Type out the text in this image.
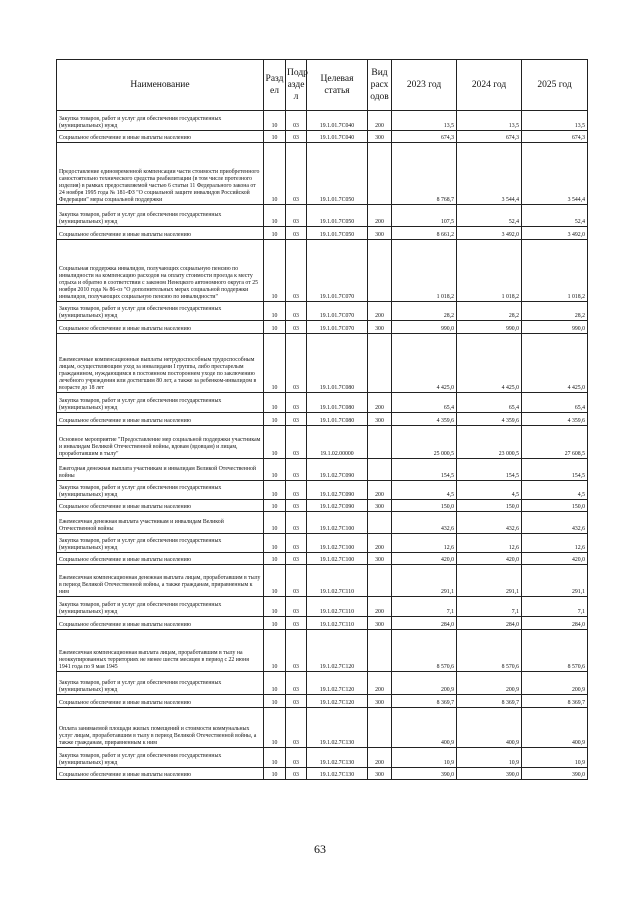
Наименование	Разд ел	Подр азде л	Целевая статья	Вид расх одов	2023 год	2024 год	2025 год
Закупка товаров, работ и услуг для обеспечения государственных (муниципальных) нужд	10	03	19.1.01.7С040	200	13,5	13,5	13,5
Социальное обеспечение и иные выплаты населению	10	03	19.1.01.7С040	300	674,3	674,3	674,3
Предоставление единовременной компенсации части стоимости приобретенного самостоятельно технического средства реабилитации (в том числе протезного изделия) в рамках предоставляемой частью 6 статьи 11 Федерального закона от 24 ноября 1995 года № 181-ФЗ "О социальной защите инвалидов Российской Федерации" меры социальной поддержки	10	03	19.1.01.7С050		8 768,7	3 544,4	3 544,4
Закупка товаров, работ и услуг для обеспечения государственных (муниципальных) нужд	10	03	19.1.01.7С050	200	107,5	52,4	52,4
Социальное обеспечение и иные выплаты населению	10	03	19.1.01.7С050	300	8 661,2	3 492,0	3 492,0
Социальная поддержка инвалидов, получающих социальную пенсию по инвалидности на компенсацию расходов на оплату стоимости проезда к месту отдыха и обратно в соответствии с законом Ненецкого автономного округа от 25 ноября 2010 года № 86-оз "О дополнительных мерах социальной поддержки инвалидов, получающих социальную пенсию по инвалидности"	10	03	19.1.01.7С070		1 018,2	1 018,2	1 018,2
Закупка товаров, работ и услуг для обеспечения государственных (муниципальных) нужд	10	03	19.1.01.7С070	200	28,2	28,2	28,2
Социальное обеспечение и иные выплаты населению	10	03	19.1.01.7С070	300	990,0	990,0	990,0
Ежемесячные компенсационные выплаты нетрудоспособным трудоспособным лицам, осуществляющим уход за инвалидами I группы, либо престарелым гражданином, нуждающимся в постоянном постороннем уходе по заключению лечебного учреждения или достигшим 80 лет, а также за ребенком-инвалидом в возрасте до 18 лет	10	03	19.1.01.7С080		4 425,0	4 425,0	4 425,0
Закупка товаров, работ и услуг для обеспечения государственных (муниципальных) нужд	10	03	19.1.01.7С080	200	65,4	65,4	65,4
Социальное обеспечение и иные выплаты населению	10	03	19.1.01.7С080	300	4 359,6	4 359,6	4 359,6
Основное мероприятие "Предоставление мер социальной поддержки участникам и инвалидам Великой Отечественной войны, вдовам (вдовцам) и лицам, проработавшим в тылу"	10	03	19.1.02.00000		25 000,5	23 000,5	27 608,5
Ежегодная денежная выплата участникам и инвалидам Великой Отечественной войны	10	03	19.1.02.7С090		154,5	154,5	154,5
Закупка товаров, работ и услуг для обеспечения государственных (муниципальных) нужд	10	03	19.1.02.7С090	200	4,5	4,5	4,5
Социальное обеспечение и иные выплаты населению	10	03	19.1.02.7С090	300	150,0	150,0	150,0
Ежемесячная денежная выплата участникам и инвалидам Великой Отечественной войны	10	03	19.1.02.7С100		432,6	432,6	432,6
Закупка товаров, работ и услуг для обеспечения государственных (муниципальных) нужд	10	03	19.1.02.7С100	200	12,6	12,6	12,6
Социальное обеспечение и иные выплаты населению	10	03	19.1.02.7С100	300	420,0	420,0	420,0
Ежемесячная компенсационная денежная выплата лицам, проработавшим в тылу в период Великой Отечественной войны, а также гражданам, приравненным к ним	10	03	19.1.02.7С110		291,1	291,1	291,1
Закупка товаров, работ и услуг для обеспечения государственных (муниципальных) нужд	10	03	19.1.02.7С110	200	7,1	7,1	7,1
Социальное обеспечение и иные выплаты населению	10	03	19.1.02.7С110	300	284,0	284,0	284,0
Ежемесячная компенсационная выплата лицам, проработавшим в тылу на неоккупированных территориях не менее шести месяцев в период с 22 июня 1941 года по 9 мая 1945	10	03	19.1.02.7С120		8 570,6	8 570,6	8 570,6
Закупка товаров, работ и услуг для обеспечения государственных (муниципальных) нужд	10	03	19.1.02.7С120	200	200,9	200,9	200,9
Социальное обеспечение и иные выплаты населению	10	03	19.1.02.7С120	300	8 369,7	8 369,7	8 369,7
Оплата занимаемой площади жилых помещений и стоимости коммунальных услуг лицам, проработавшим в тылу в период Великой Отечественной войны, а также гражданам, приравненным к ним	10	03	19.1.02.7С130		400,9	400,9	400,9
Закупка товаров, работ и услуг для обеспечения государственных (муниципальных) нужд	10	03	19.1.02.7С130	200	10,9	10,9	10,9
Социальное обеспечение и иные выплаты населению	10	03	19.1.02.7С130	300	390,0	390,0	390,0
63
